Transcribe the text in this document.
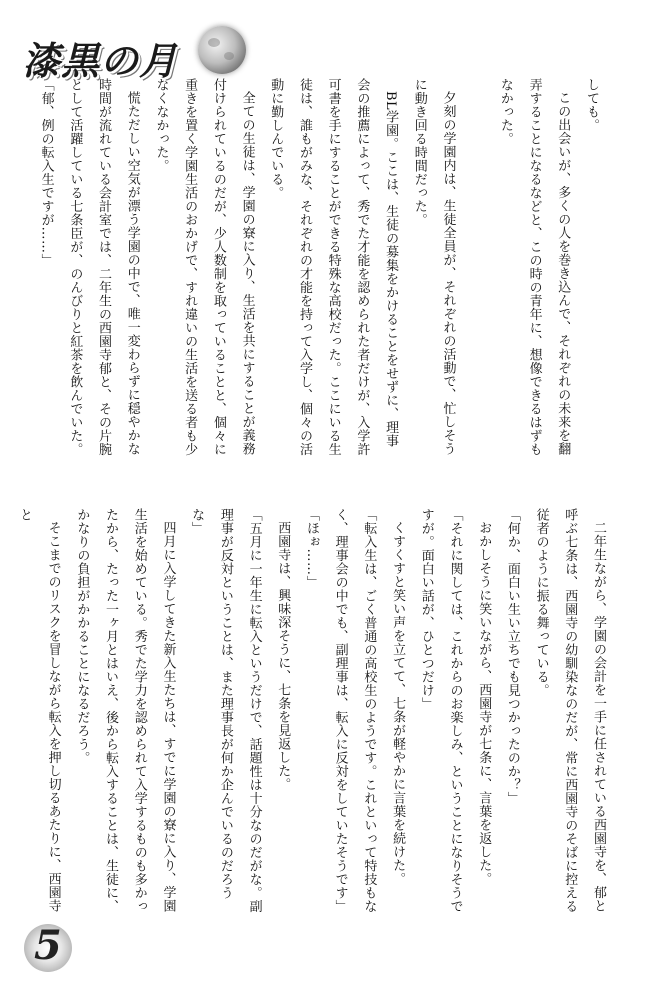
漆黒の月

しても。

この出会いが、多くの人を巻き込んで、それぞれの未来を翻弄することになるなどと、この時の青年に、想像できるはずもなかった。

夕刻の学園内は、生徒全員が、それぞれの活動で、忙しそうに動き回る時間だった。

BL学園。ここは、生徒の募集をかけることをせずに、理事会の推薦によって、秀でた才能を認められた者だけが、入学許可書を手にすることができる特殊な高校だった。ここにいる生徒は、誰もがみな、それぞれの才能を持って入学し、個々の活動に勤しんでいる。

全ての生徒は、学園の寮に入り、生活を共にすることが義務付けられているのだが、少人数制を取っていることと、個々に重きを置く学園生活のおかげで、すれ違いの生活を送る者も少なくなかった。

慌ただしい空気が漂う学園の中で、唯一変わらずに穏やかな時間が流れている会計室では、二年生の西園寺郁と、その片腕として活躍している七条臣が、のんびりと紅茶を飲んでいた。

「郁、例の転入生ですが……」

二年生ながら、学園の会計を一手に任されている西園寺を、郁と呼ぶ七条は、西園寺の幼馴染なのだが、常に西園寺のそばに控える従者のように振る舞っている。

「何か、面白い生い立ちでも見つかったのか？」

おかしそうに笑いながら、西園寺が七条に、言葉を返した。

「それに関しては、これからのお楽しみ、ということになりそうですが。面白い話が、ひとつだけ」

くすくすと笑い声を立てて、七条が軽やかに言葉を続けた。

「転入生は、ごく普通の高校生のようです。これといって特技もなく、理事会の中でも、副理事は、転入に反対をしていたそうです」

「ほぉ……」

西園寺は、興味深そうに、七条を見返した。

「五月に一年生に転入というだけで、話題性は十分なのだがな。副理事が反対ということは、また理事長が何か企んでいるのだろうな」

四月に入学してきた新入生たちは、すでに学園の寮に入り、学園生活を始めている。秀でた学力を認められて入学するものも多かったから、たった一ヶ月とはいえ、後から転入することは、生徒に、かなりの負担がかかることになるだろう。

そこまでのリスクを冒しながら転入を押し切るあたりに、西園寺と

5
